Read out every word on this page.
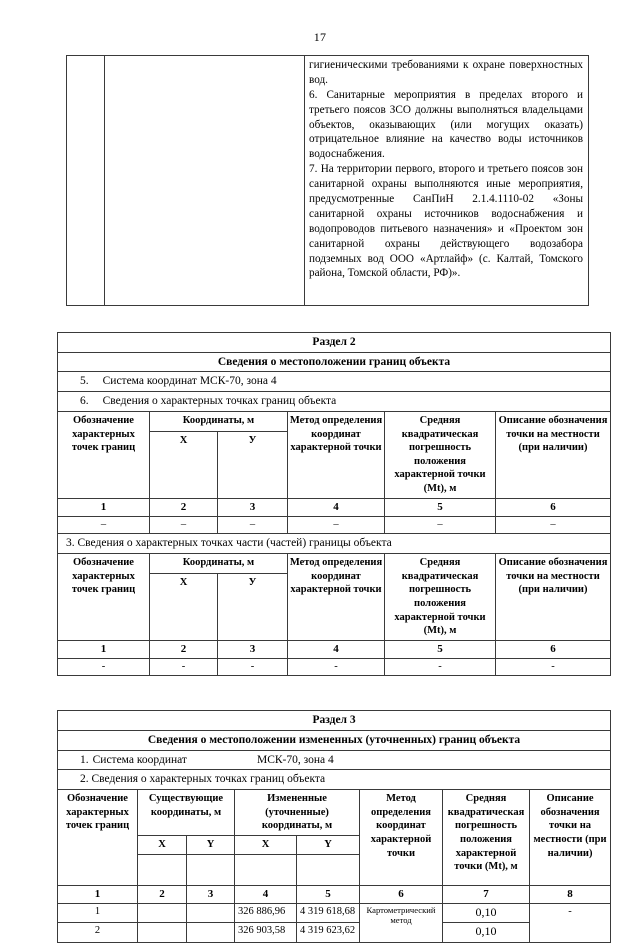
17

гигиеническими требованиями к охране поверхностных вод.

6. Санитарные мероприятия в пределах второго и третьего поясов ЗСО должны выполняться владельцами объектов, оказывающих (или могущих оказать) отрицательное влияние на качество воды источников водоснабжения.

7. На территории первого, второго и третьего поясов зон санитарной охраны выполняются иные мероприятия, предусмотренные СанПиН 2.1.4.1110-02 «Зоны санитарной охраны источников водоснабжения и водопроводов питьевого назначения» и «Проектом зон санитарной охраны действующего водозабора подземных вод ООО «Артлайф» (с. Калтай, Томского района, Томской области, РФ)».

Раздел 2					
Сведения о местоположении границ объекта					
5. Система координат МСК-70, зона 4					
6. Сведения о характерных точках границ объекта					
Обозначение характерных точек границ	Координаты, м		Метод определения координат характерной точки	Средняя квадратическая погрешность положения характерной точки (Mt), м	Описание обозначения точки на местности (при наличии)
	Х	У			
1	2	3	4	5	6
–	–	–	–	–	–
3. Сведения о характерных точках части (частей) границы объекта					
Обозначение характерных точек границ	Координаты, м		Метод определения координат характерной точки	Средняя квадратическая погрешность положения характерной точки (Mt), м	Описание обозначения точки на местности (при наличии)
	Х	У			
1	2	3	4	5	6
-	-	-	-	-	-
Раздел 3							
Сведения о местоположении измененных (уточненных) границ объекта							
1. Система координат МСК-70, зона 4							
2. Сведения о характерных точках границ объекта							
Обозначение характерных точек границ	Существующие координаты, м		Измененные (уточненные) координаты, м		Метод определения координат характерной точки	Средняя квадратическая погрешность положения характерной точки (Mt), м	Описание обозначения точки на местности (при наличии)
	X	Y	X	Y			

1	2	3	4	5	6	7	8
1			326 886,96	4 319 618,68	Картометрический метод	0,10	-
2			326 903,58	4 319 623,62		0,10	
